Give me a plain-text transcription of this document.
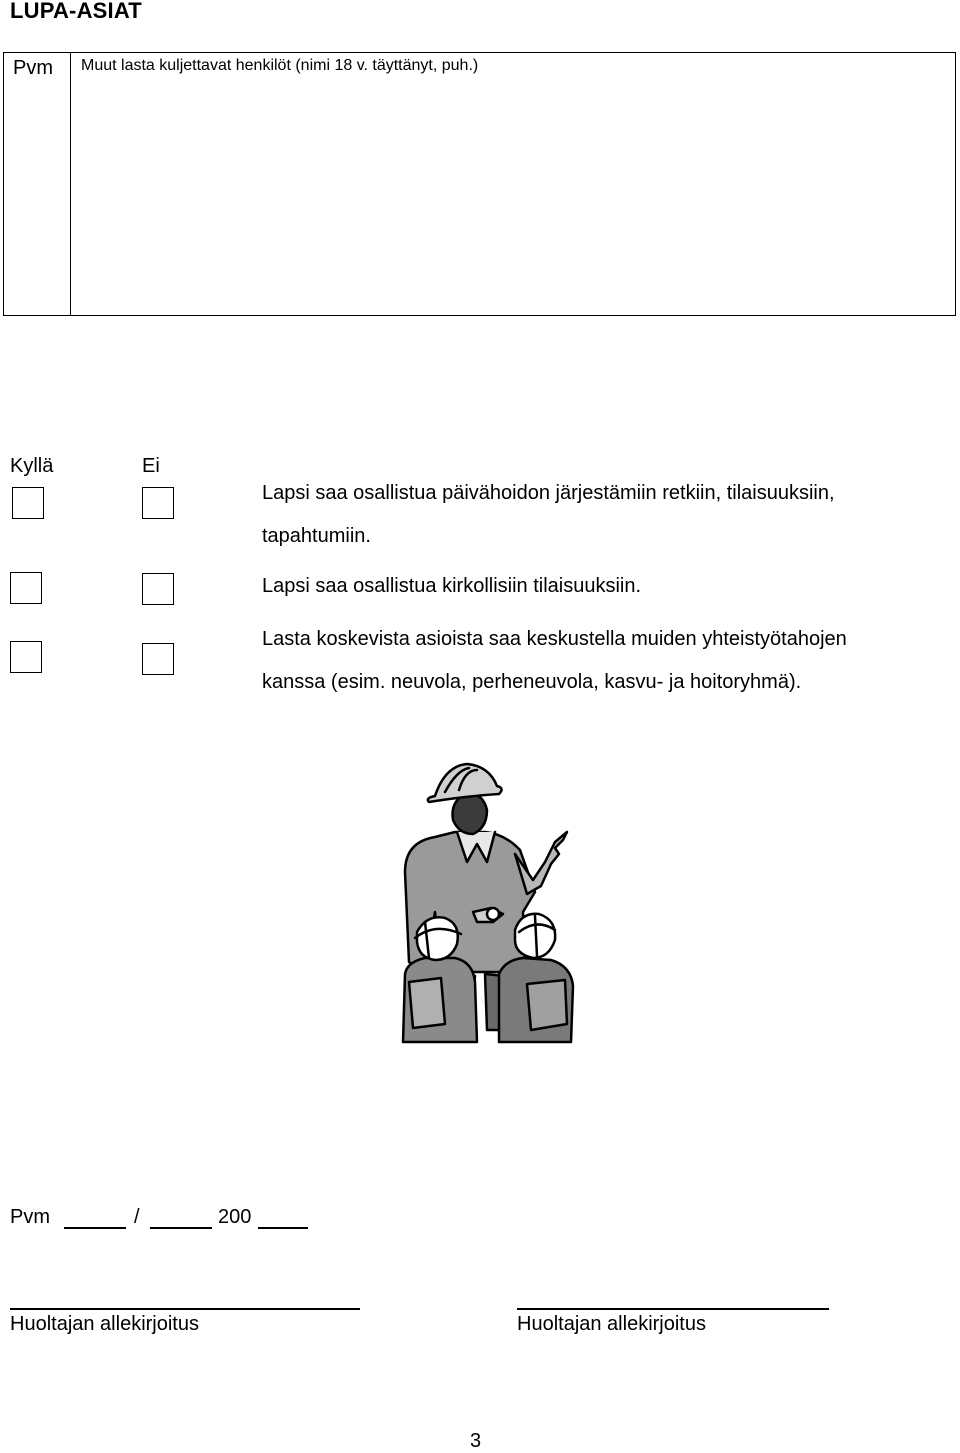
LUPA-ASIAT
Pvm Muut lasta kuljettavat henkilöt (nimi 18 v. täyttänyt, puh.)
Kyllä	Ei
Lapsi saa osallistua päivähoidon järjestämiin retkiin, tilaisuuksiin,
tapahtumiin.
Lapsi saa osallistua kirkollisiin tilaisuuksiin.
Lasta koskevista asioista saa keskustella muiden yhteistyötahojen
kanssa (esim. neuvola, perheneuvola, kasvu- ja hoitoryhmä).
Pvm	/	200
Huoltajan allekirjoitus	Huoltajan allekirjoitus
3
